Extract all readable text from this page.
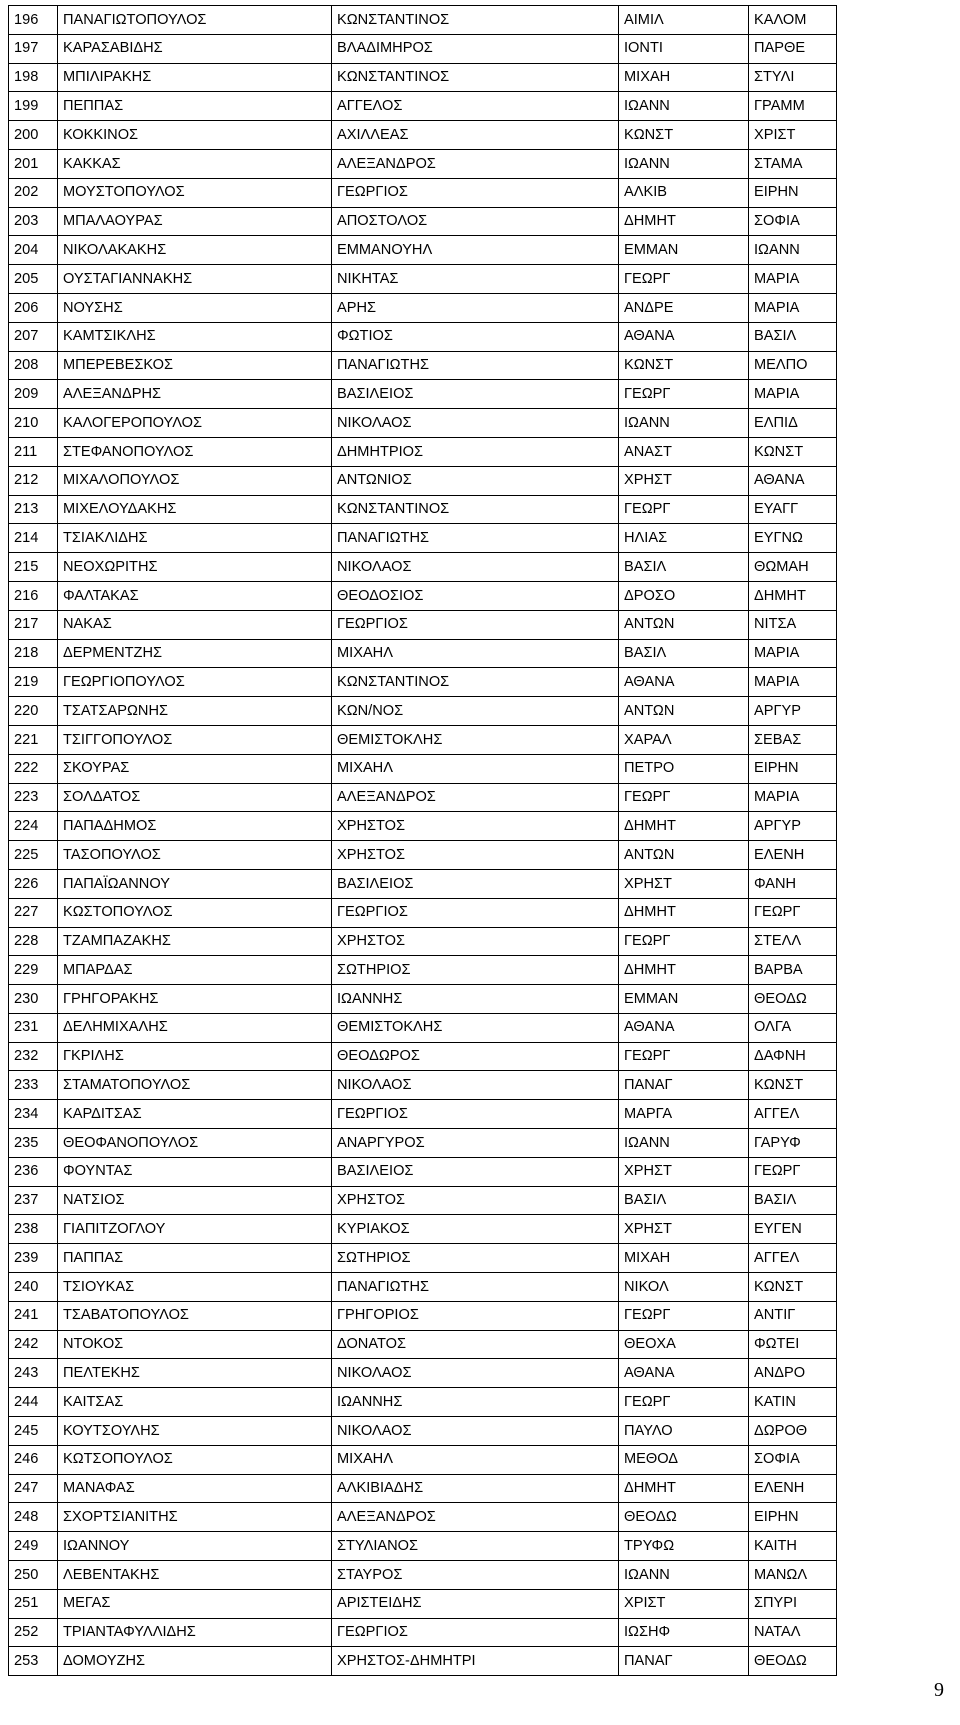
196	ΠΑΝΑΓΙΩΤΟΠΟΥΛΟΣ	ΚΩΝΣΤΑΝΤΙΝΟΣ	ΑΙΜΙΛ	ΚΑΛΟΜ
197	ΚΑΡΑΣΑΒΙΔΗΣ	ΒΛΑΔΙΜΗΡΟΣ	ΙΟΝΤΙ	ΠΑΡΘΕ
198	ΜΠΙΛΙΡΑΚΗΣ	ΚΩΝΣΤΑΝΤΙΝΟΣ	ΜΙΧΑΗ	ΣΤΥΛΙ
199	ΠΕΠΠΑΣ	ΑΓΓΕΛΟΣ	ΙΩΑΝΝ	ΓΡΑΜΜ
200	ΚΟΚΚΙΝΟΣ	ΑΧΙΛΛΕΑΣ	ΚΩΝΣΤ	ΧΡΙΣΤ
201	ΚΑΚΚΑΣ	ΑΛΕΞΑΝΔΡΟΣ	ΙΩΑΝΝ	ΣΤΑΜΑ
202	ΜΟΥΣΤΟΠΟΥΛΟΣ	ΓΕΩΡΓΙΟΣ	ΑΛΚΙΒ	ΕΙΡΗΝ
203	ΜΠΑΛΑΟΥΡΑΣ	ΑΠΟΣΤΟΛΟΣ	ΔΗΜΗΤ	ΣΟΦΙΑ
204	ΝΙΚΟΛΑΚΑΚΗΣ	ΕΜΜΑΝΟΥΗΛ	ΕΜΜΑΝ	ΙΩΑΝΝ
205	ΟΥΣΤΑΓΙΑΝΝΑΚΗΣ	ΝΙΚΗΤΑΣ	ΓΕΩΡΓ	ΜΑΡΙΑ
206	ΝΟΥΣΗΣ	ΑΡΗΣ	ΑΝΔΡΕ	ΜΑΡΙΑ
207	ΚΑΜΤΣΙΚΛΗΣ	ΦΩΤΙΟΣ	ΑΘΑΝΑ	ΒΑΣΙΛ
208	ΜΠΕΡΕΒΕΣΚΟΣ	ΠΑΝΑΓΙΩΤΗΣ	ΚΩΝΣΤ	ΜΕΛΠΟ
209	ΑΛΕΞΑΝΔΡΗΣ	ΒΑΣΙΛΕΙΟΣ	ΓΕΩΡΓ	ΜΑΡΙΑ
210	ΚΑΛΟΓΕΡΟΠΟΥΛΟΣ	ΝΙΚΟΛΑΟΣ	ΙΩΑΝΝ	ΕΛΠΙΔ
211	ΣΤΕΦΑΝΟΠΟΥΛΟΣ	ΔΗΜΗΤΡΙΟΣ	ΑΝΑΣΤ	ΚΩΝΣΤ
212	ΜΙΧΑΛΟΠΟΥΛΟΣ	ΑΝΤΩΝΙΟΣ	ΧΡΗΣΤ	ΑΘΑΝΑ
213	ΜΙΧΕΛΟΥΔΑΚΗΣ	ΚΩΝΣΤΑΝΤΙΝΟΣ	ΓΕΩΡΓ	ΕΥΑΓΓ
214	ΤΣΙΑΚΛΙΔΗΣ	ΠΑΝΑΓΙΩΤΗΣ	ΗΛΙΑΣ	ΕΥΓΝΩ
215	ΝΕΟΧΩΡΙΤΗΣ	ΝΙΚΟΛΑΟΣ	ΒΑΣΙΛ	ΘΩΜΑΗ
216	ΦΑΛΤΑΚΑΣ	ΘΕΟΔΟΣΙΟΣ	ΔΡΟΣΟ	ΔΗΜΗΤ
217	ΝΑΚΑΣ	ΓΕΩΡΓΙΟΣ	ΑΝΤΩΝ	ΝΙΤΣΑ
218	ΔΕΡΜΕΝΤΖΗΣ	ΜΙΧΑΗΛ	ΒΑΣΙΛ	ΜΑΡΙΑ
219	ΓΕΩΡΓΙΟΠΟΥΛΟΣ	ΚΩΝΣΤΑΝΤΙΝΟΣ	ΑΘΑΝΑ	ΜΑΡΙΑ
220	ΤΣΑΤΣΑΡΩΝΗΣ	ΚΩΝ/ΝΟΣ	ΑΝΤΩΝ	ΑΡΓΥΡ
221	ΤΣΙΓΓΟΠΟΥΛΟΣ	ΘΕΜΙΣΤΟΚΛΗΣ	ΧΑΡΑΛ	ΣΕΒΑΣ
222	ΣΚΟΥΡΑΣ	ΜΙΧΑΗΛ	ΠΕΤΡΟ	ΕΙΡΗΝ
223	ΣΟΛΔΑΤΟΣ	ΑΛΕΞΑΝΔΡΟΣ	ΓΕΩΡΓ	ΜΑΡΙΑ
224	ΠΑΠΑΔΗΜΟΣ	ΧΡΗΣΤΟΣ	ΔΗΜΗΤ	ΑΡΓΥΡ
225	ΤΑΣΟΠΟΥΛΟΣ	ΧΡΗΣΤΟΣ	ΑΝΤΩΝ	ΕΛΕΝΗ
226	ΠΑΠΑΪΩΑΝΝΟΥ	ΒΑΣΙΛΕΙΟΣ	ΧΡΗΣΤ	ΦΑΝΗ
227	ΚΩΣΤΟΠΟΥΛΟΣ	ΓΕΩΡΓΙΟΣ	ΔΗΜΗΤ	ΓΕΩΡΓ
228	ΤΖΑΜΠΑΖΑΚΗΣ	ΧΡΗΣΤΟΣ	ΓΕΩΡΓ	ΣΤΕΛΛ
229	ΜΠΑΡΔΑΣ	ΣΩΤΗΡΙΟΣ	ΔΗΜΗΤ	ΒΑΡΒΑ
230	ΓΡΗΓΟΡΑΚΗΣ	ΙΩΑΝΝΗΣ	ΕΜΜΑΝ	ΘΕΟΔΩ
231	ΔΕΛΗΜΙΧΑΛΗΣ	ΘΕΜΙΣΤΟΚΛΗΣ	ΑΘΑΝΑ	ΟΛΓΑ
232	ΓΚΡΙΛΗΣ	ΘΕΟΔΩΡΟΣ	ΓΕΩΡΓ	ΔΑΦΝΗ
233	ΣΤΑΜΑΤΟΠΟΥΛΟΣ	ΝΙΚΟΛΑΟΣ	ΠΑΝΑΓ	ΚΩΝΣΤ
234	ΚΑΡΔΙΤΣΑΣ	ΓΕΩΡΓΙΟΣ	ΜΑΡΓΑ	ΑΓΓΕΛ
235	ΘΕΟΦΑΝΟΠΟΥΛΟΣ	ΑΝΑΡΓΥΡΟΣ	ΙΩΑΝΝ	ΓΑΡΥΦ
236	ΦΟΥΝΤΑΣ	ΒΑΣΙΛΕΙΟΣ	ΧΡΗΣΤ	ΓΕΩΡΓ
237	ΝΑΤΣΙΟΣ	ΧΡΗΣΤΟΣ	ΒΑΣΙΛ	ΒΑΣΙΛ
238	ΓΙΑΠΙΤΖΟΓΛΟΥ	ΚΥΡΙΑΚΟΣ	ΧΡΗΣΤ	ΕΥΓΕΝ
239	ΠΑΠΠΑΣ	ΣΩΤΗΡΙΟΣ	ΜΙΧΑΗ	ΑΓΓΕΛ
240	ΤΣΙΟΥΚΑΣ	ΠΑΝΑΓΙΩΤΗΣ	ΝΙΚΟΛ	ΚΩΝΣΤ
241	ΤΣΑΒΑΤΟΠΟΥΛΟΣ	ΓΡΗΓΟΡΙΟΣ	ΓΕΩΡΓ	ΑΝΤΙΓ
242	ΝΤΟΚΟΣ	ΔΟΝΑΤΟΣ	ΘΕΟΧΑ	ΦΩΤΕΙ
243	ΠΕΛΤΕΚΗΣ	ΝΙΚΟΛΑΟΣ	ΑΘΑΝΑ	ΑΝΔΡΟ
244	ΚΑΙΤΣΑΣ	ΙΩΑΝΝΗΣ	ΓΕΩΡΓ	ΚΑΤΙΝ
245	ΚΟΥΤΣΟΥΛΗΣ	ΝΙΚΟΛΑΟΣ	ΠΑΥΛΟ	ΔΩΡΟΘ
246	ΚΩΤΣΟΠΟΥΛΟΣ	ΜΙΧΑΗΛ	ΜΕΘΟΔ	ΣΟΦΙΑ
247	ΜΑΝΑΦΑΣ	ΑΛΚΙΒΙΑΔΗΣ	ΔΗΜΗΤ	ΕΛΕΝΗ
248	ΣΧΟΡΤΣΙΑΝΙΤΗΣ	ΑΛΕΞΑΝΔΡΟΣ	ΘΕΟΔΩ	ΕΙΡΗΝ
249	ΙΩΑΝΝΟΥ	ΣΤΥΛΙΑΝΟΣ	ΤΡΥΦΩ	ΚΑΙΤΗ
250	ΛΕΒΕΝΤΑΚΗΣ	ΣΤΑΥΡΟΣ	ΙΩΑΝΝ	ΜΑΝΩΛ
251	ΜΕΓΑΣ	ΑΡΙΣΤΕΙΔΗΣ	ΧΡΙΣΤ	ΣΠΥΡΙ
252	ΤΡΙΑΝΤΑΦΥΛΛΙΔΗΣ	ΓΕΩΡΓΙΟΣ	ΙΩΣΗΦ	ΝΑΤΑΛ
253	ΔΟΜΟΥΖΗΣ	ΧΡΗΣΤΟΣ-ΔΗΜΗΤΡΙ	ΠΑΝΑΓ	ΘΕΟΔΩ
9
